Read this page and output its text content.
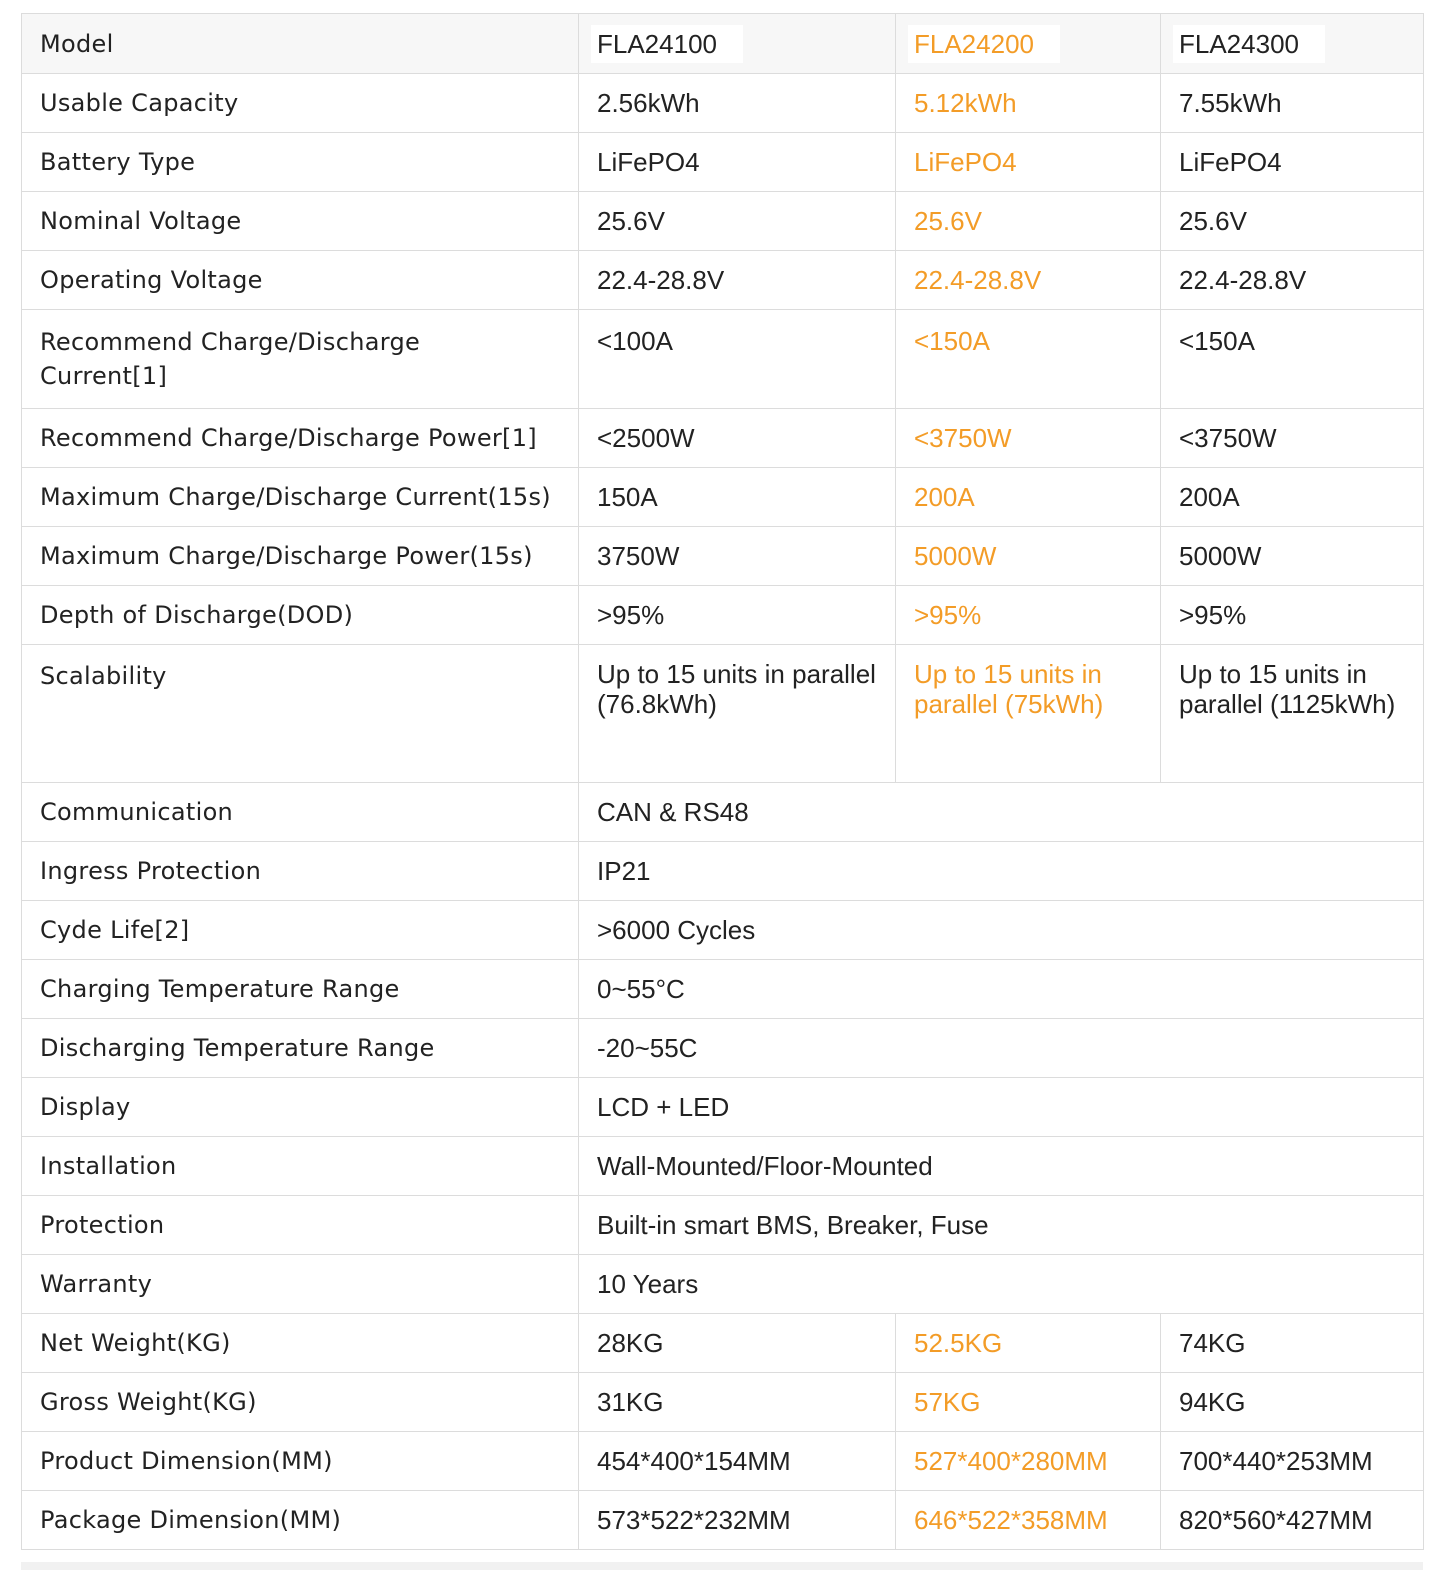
Model	FLA24100	FLA24200	FLA24300
Usable Capacity	2.56kWh	5.12kWh	7.55kWh
Battery Type	LiFePO4	LiFePO4	LiFePO4
Nominal Voltage	25.6V	25.6V	25.6V
Operating Voltage	22.4-28.8V	22.4-28.8V	22.4-28.8V
Recommend Charge/Discharge Current[1]	<100A	<150A	<150A
Recommend Charge/Discharge Power[1]	<2500W	<3750W	<3750W
Maximum Charge/Discharge Current(15s)	150A	200A	200A
Maximum Charge/Discharge Power(15s)	3750W	5000W	5000W
Depth of Discharge(DOD)	>95%	>95%	>95%
Scalability	Up to 15 units in parallel (76.8kWh)	Up to 15 units in parallel (75kWh)	Up to 15 units in parallel (1125kWh)
Communication	CAN & RS48		
Ingress Protection	IP21		
Cyde Life[2]	>6000 Cycles		
Charging Temperature Range	0~55°C		
Discharging Temperature Range	-20~55C		
Display	LCD + LED		
Installation	Wall-Mounted/Floor-Mounted		
Protection	Built-in smart BMS, Breaker, Fuse		
Warranty	10 Years		
Net Weight(KG)	28KG	52.5KG	74KG
Gross Weight(KG)	31KG	57KG	94KG
Product Dimension(MM)	454*400*154MM	527*400*280MM	700*440*253MM
Package Dimension(MM)	573*522*232MM	646*522*358MM	820*560*427MM
